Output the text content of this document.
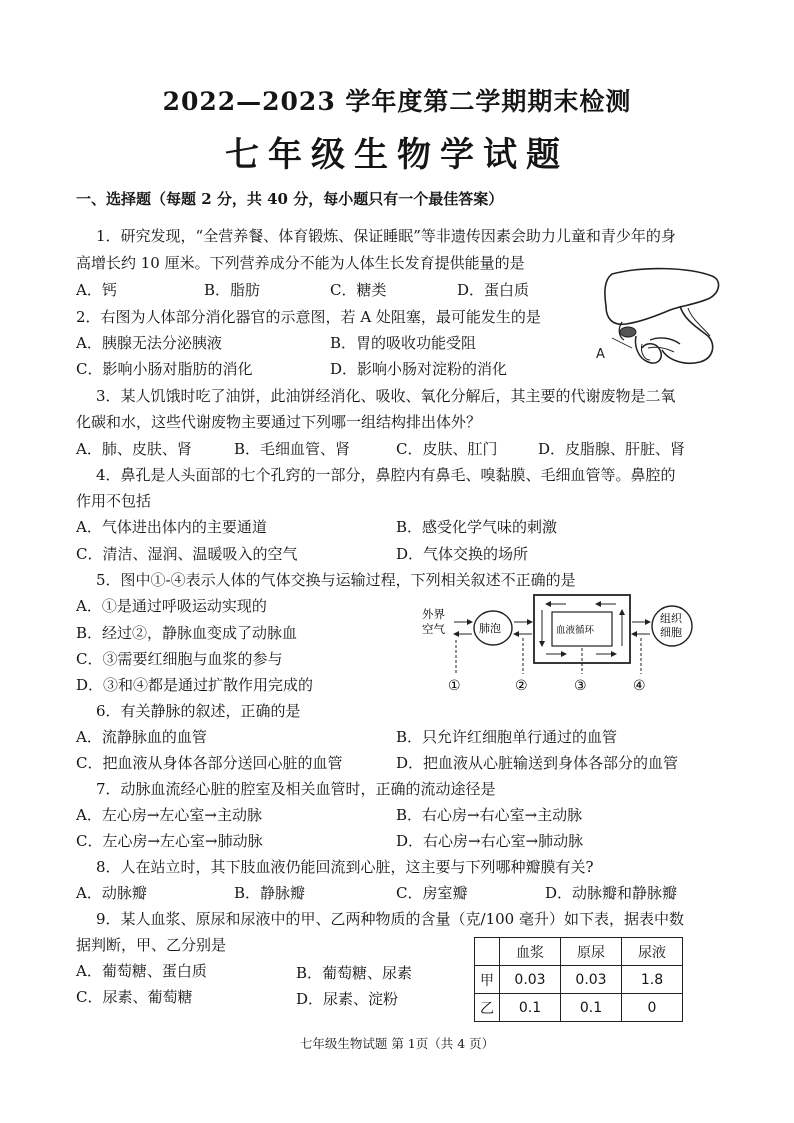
2022—2023 学年度第二学期期末检测
七年级生物学试题
一、选择题（每题 2 分，共 40 分，每小题只有一个最佳答案）
1．研究发现，“全营养餐、体育锻炼、保证睡眠”等非遗传因素会助力儿童和青少年的身
高增长约 10 厘米。下列营养成分不能为人体生长发育提供能量的是
A．钙	B．脂肪	C．糖类	D．蛋白质
2．右图为人体部分消化器官的示意图，若 A 处阻塞，最可能发生的是
A．胰腺无法分泌胰液	B．胃的吸收功能受阻
C．影响小肠对脂肪的消化	D．影响小肠对淀粉的消化
A
3．某人饥饿时吃了油饼，此油饼经消化、吸收、氧化分解后，其主要的代谢废物是二氧
化碳和水，这些代谢废物主要通过下列哪一组结构排出体外？
A．肺、皮肤、肾	B．毛细血管、肾	C．皮肤、肛门	D．皮脂腺、肝脏、肾
4．鼻孔是人头面部的七个孔窍的一部分，鼻腔内有鼻毛、嗅黏膜、毛细血管等。鼻腔的
作用不包括
A．气体进出体内的主要通道	B．感受化学气味的刺激
C．清洁、湿润、温暖吸入的空气	D．气体交换的场所
5．图中①-④表示人体的气体交换与运输过程，下列相关叙述不正确的是
A．①是通过呼吸运动实现的
B．经过②，静脉血变成了动脉血
C．③需要红细胞与血浆的参与
D．③和④都是通过扩散作用完成的
外界
空气	肺泡	血液循环
组织
细胞
①	②	③	④
6．有关静脉的叙述，正确的是
A．流静脉血的血管	B．只允许红细胞单行通过的血管
C．把血液从身体各部分送回心脏的血管	D．把血液从心脏输送到身体各部分的血管
7．动脉血流经心脏的腔室及相关血管时，正确的流动途径是
A．左心房→左心室→主动脉	B．右心房→右心室→主动脉
C．左心房→左心室→肺动脉	D．右心房→右心室→肺动脉
8．人在站立时，其下肢血液仍能回流到心脏，这主要与下列哪种瓣膜有关?
A．动脉瓣	B．静脉瓣	C．房室瓣	D．动脉瓣和静脉瓣
9．某人血浆、原尿和尿液中的甲、乙两种物质的含量（克/100 毫升）如下表，据表中数
据判断，甲、乙分别是
A．葡萄糖、蛋白质	B．葡萄糖、尿素
C．尿素、葡萄糖	D．尿素、淀粉
	血浆	原尿	尿液
甲	0.03	0.03	1.8
乙	0.1	0.1	0
七年级生物试题 第 1页（共 4 页）
